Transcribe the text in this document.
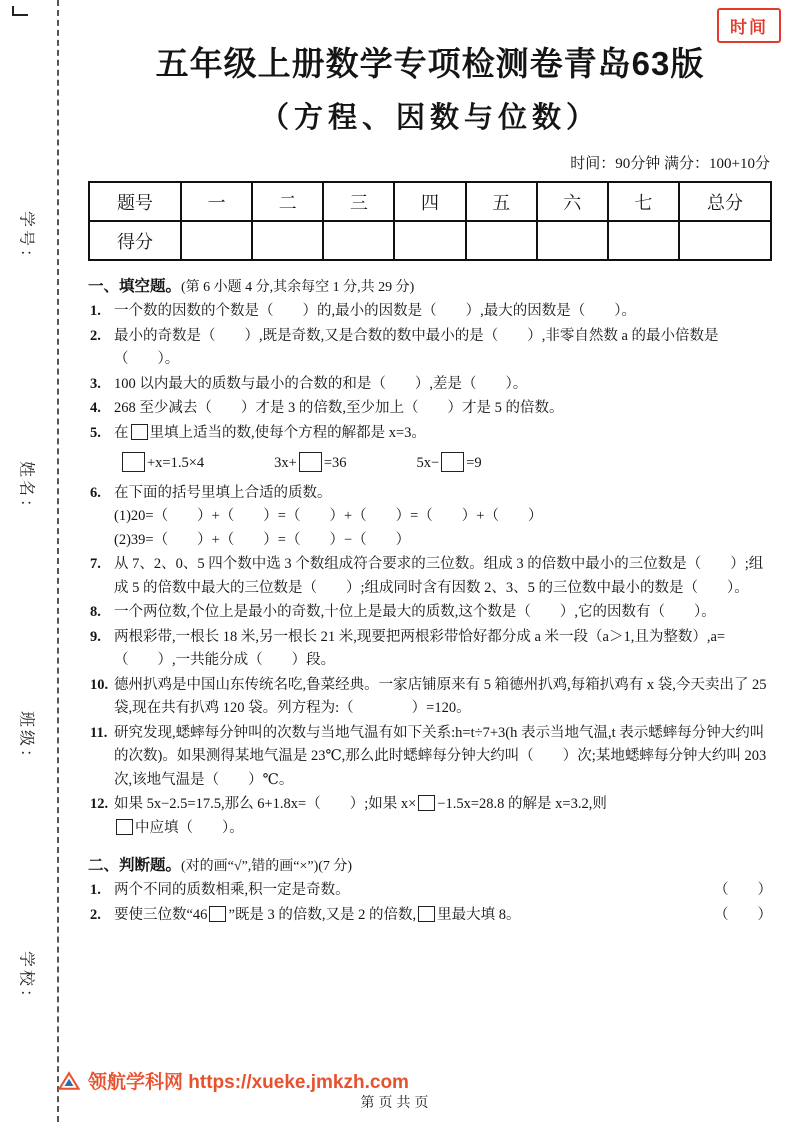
学号：
姓名：
班级：
学校：
时间
五年级上册数学专项检测卷青岛63版
（方程、因数与位数）
时间：90分钟 满分：100+10分
题号	一	二	三	四	五	六	七	总分
得分								
一、填空题。(第 6 小题 4 分,其余每空 1 分,共 29 分)
1. 一个数的因数的个数是（　　）的,最小的因数是（　　）,最大的因数是（　　）。
2. 最小的奇数是（　　）,既是奇数,又是合数的数中最小的是（　　）,非零自然数 a 的最小倍数是（　　）。
3. 100 以内最大的质数与最小的合数的和是（　　）,差是（　　）。
4. 268 至少减去（　　）才是 3 的倍数,至少加上（　　）才是 5 的倍数。
5. 在 里填上适当的数,使每个方程的解都是 x=3。
+x=1.5×4	3x+ =36	5x− =9
6. 在下面的括号里填上合适的质数。
(1)20=（　　）+（　　）=（　　）+（　　）=（　　）+（　　）
(2)39=（　　）+（　　）=（　　）−（　　）
7. 从 7、2、0、5 四个数中选 3 个数组成符合要求的三位数。组成 3 的倍数中最小的三位数是（　　）;组成 5 的倍数中最大的三位数是（　　）;组成同时含有因数 2、3、5 的三位数中最小的数是（　　）。
8. 一个两位数,个位上是最小的奇数,十位上是最大的质数,这个数是（　　）,它的因数有（　　）。
9. 两根彩带,一根长 18 米,另一根长 21 米,现要把两根彩带恰好都分成 a 米一段（a＞1,且为整数）,a=（　　）,一共能分成（　　）段。
10. 德州扒鸡是中国山东传统名吃,鲁菜经典。一家店铺原来有 5 箱德州扒鸡,每箱扒鸡有 x 袋,今天卖出了 25 袋,现在共有扒鸡 120 袋。列方程为:（　　　　）=120。
11. 研究发现,蟋蟀每分钟叫的次数与当地气温有如下关系:h=t÷7+3(h 表示当地气温,t 表示蟋蟀每分钟大约叫的次数)。如果测得某地气温是 23℃,那么此时蟋蟀每分钟大约叫（　　）次;某地蟋蟀每分钟大约叫 203 次,该地气温是（　　）℃。
12. 如果 5x−2.5=17.5,那么 6+1.8x=（　　）;如果 x× −1.5x=28.8 的解是 x=3.2,则
中应填（　　）。
二、判断题。(对的画“√”,错的画“×”)(7 分)
1.	（　　）
两个不同的质数相乘,积一定是奇数。
2.	（　　）
要使三位数“46 ”既是 3 的倍数,又是 2 的倍数, 里最大填 8。
领航学科网 https://xueke.jmkzh.com
第页共页
